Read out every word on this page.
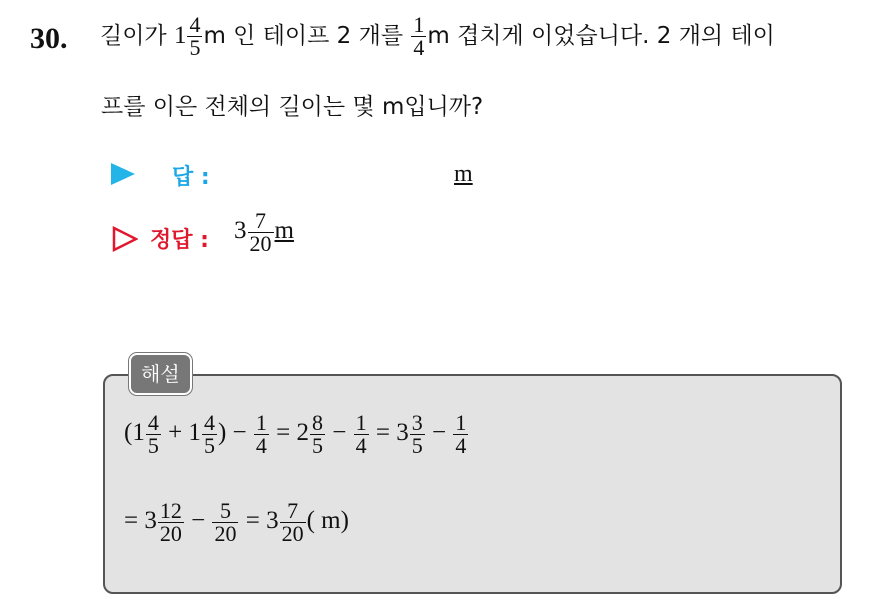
30. 길이가 $1 \frac{4}{5}$ m 인 테이프 2 개를 $\frac{1}{4}$ m 겹치게 이었습니다. 2 개의 테이
프를 이은 전체의 길이는 몇 m입니까?
답 :	m
정답 : $3 \frac{7}{20}$ m
해설
($1 \frac{4}{5} + 1 \frac{4}{5}$ ) − $\frac{1}{4} = 2 \frac{8}{5} - \frac{1}{4} = 3 \frac{3}{5} - \frac{1}{4}$
= $3 \frac{12}{20} - \frac{5}{20} = 3 \frac{7}{20}$ ( m)
